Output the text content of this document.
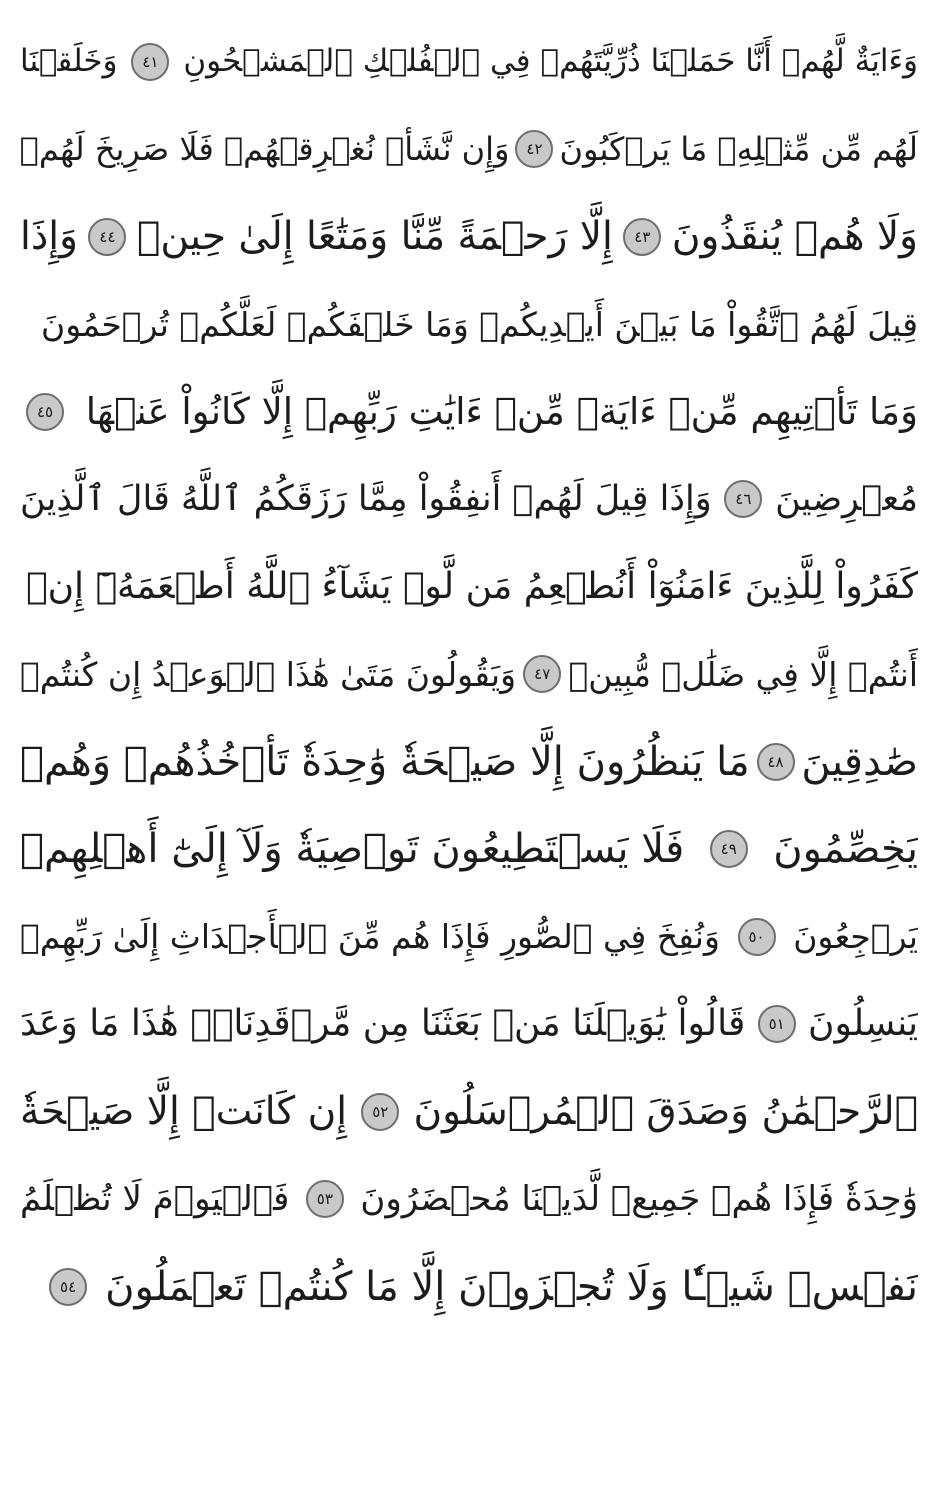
وَءَايَةٌ لَّهُمۡ أَنَّا حَمَلۡنَا ذُرِّيَّتَهُمۡ فِي ٱلۡفُلۡكِ ٱلۡمَشۡحُونِ
٤١
وَخَلَقۡنَا
لَهُم مِّن مِّثۡلِهِۦ مَا يَرۡكَبُونَ
٤٢
وَإِن نَّشَأۡ نُغۡرِقۡهُمۡ فَلَا صَرِيخَ لَهُمۡ
وَلَا هُمۡ يُنقَذُونَ
٤٣
إِلَّا رَحۡمَةً مِّنَّا وَمَتَٰعًا إِلَىٰ حِينٖ
٤٤
وَإِذَا
قِيلَ لَهُمُ ٱتَّقُواْ مَا بَيۡنَ أَيۡدِيكُمۡ وَمَا خَلۡفَكُمۡ لَعَلَّكُمۡ تُرۡحَمُونَ
وَمَا تَأۡتِيهِم مِّنۡ ءَايَةٖ مِّنۡ ءَايَٰتِ رَبِّهِمۡ إِلَّا كَانُواْ عَنۡهَا
٤٥
مُعۡرِضِينَ
٤٦
وَإِذَا قِيلَ لَهُمۡ أَنفِقُواْ مِمَّا رَزَقَكُمُ ٱللَّهُ قَالَ ٱلَّذِينَ
كَفَرُواْ لِلَّذِينَ ءَامَنُوٓاْ أَنُطۡعِمُ مَن لَّوۡ يَشَآءُ ٱللَّهُ أَطۡعَمَهُۥٓ إِنۡ
أَنتُمۡ إِلَّا فِي ضَلَٰلٖ مُّبِينٖ
٤٧
وَيَقُولُونَ مَتَىٰ هَٰذَا ٱلۡوَعۡدُ إِن كُنتُمۡ
صَٰدِقِينَ
٤٨
مَا يَنظُرُونَ إِلَّا صَيۡحَةٗ وَٰحِدَةٗ تَأۡخُذُهُمۡ وَهُمۡ
يَخِصِّمُونَ
٤٩
فَلَا يَسۡتَطِيعُونَ تَوۡصِيَةٗ وَلَآ إِلَىٰٓ أَهۡلِهِمۡ
يَرۡجِعُونَ
٥٠
وَنُفِخَ فِي ٱلصُّورِ فَإِذَا هُم مِّنَ ٱلۡأَجۡدَاثِ إِلَىٰ رَبِّهِمۡ
يَنسِلُونَ
٥١
قَالُواْ يَٰوَيۡلَنَا مَنۢ بَعَثَنَا مِن مَّرۡقَدِنَاۗۜ هَٰذَا مَا وَعَدَ
ٱلرَّحۡمَٰنُ وَصَدَقَ ٱلۡمُرۡسَلُونَ
٥٢
إِن كَانَتۡ إِلَّا صَيۡحَةٗ
وَٰحِدَةٗ فَإِذَا هُمۡ جَمِيعٞ لَّدَيۡنَا مُحۡضَرُونَ
٥٣
فَٱلۡيَوۡمَ لَا تُظۡلَمُ
نَفۡسٞ شَيۡـٔٗا وَلَا تُجۡزَوۡنَ إِلَّا مَا كُنتُمۡ تَعۡمَلُونَ
٥٤
